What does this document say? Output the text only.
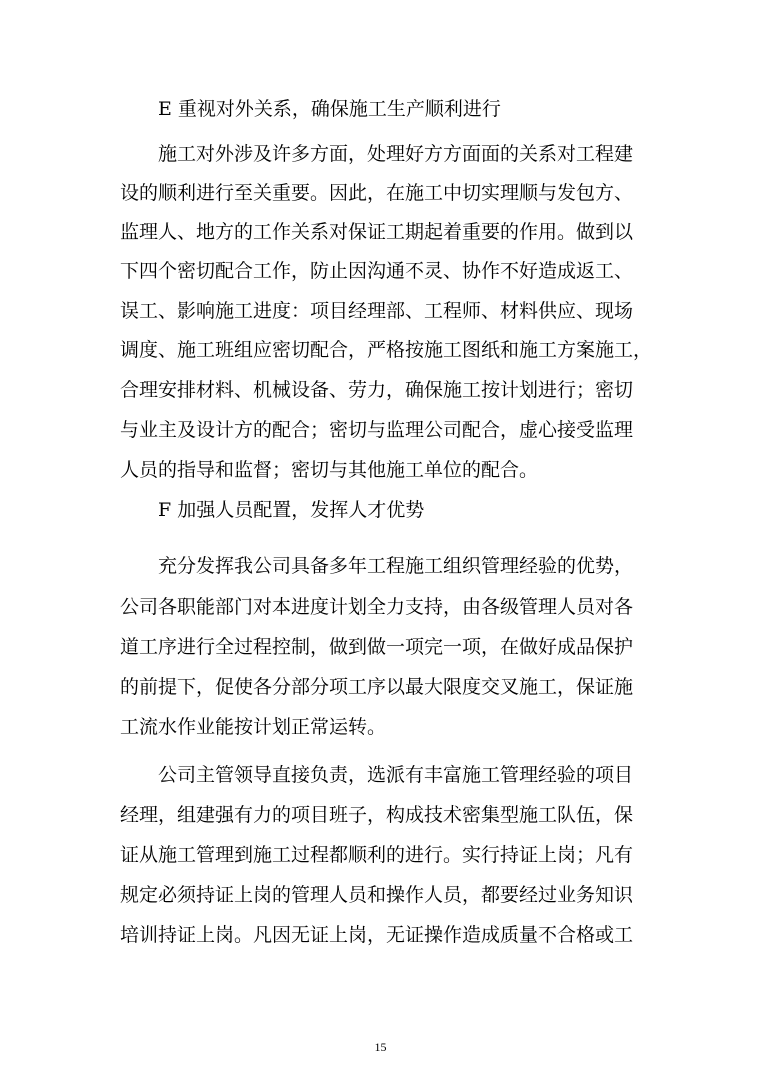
E 重视对外关系，确保施工生产顺利进行
施工对外涉及许多方面，处理好方方面面的关系对工程建
设的顺利进行至关重要。因此，在施工中切实理顺与发包方、
监理人、地方的工作关系对保证工期起着重要的作用。做到以
下四个密切配合工作，防止因沟通不灵、协作不好造成返工、
误工、影响施工进度：项目经理部、工程师、材料供应、现场
调度、施工班组应密切配合，严格按施工图纸和施工方案施工，
合理安排材料、机械设备、劳力，确保施工按计划进行；密切
与业主及设计方的配合；密切与监理公司配合，虚心接受监理
人员的指导和监督；密切与其他施工单位的配合。
F 加强人员配置，发挥人才优势
充分发挥我公司具备多年工程施工组织管理经验的优势，
公司各职能部门对本进度计划全力支持，由各级管理人员对各
道工序进行全过程控制，做到做一项完一项，在做好成品保护
的前提下，促使各分部分项工序以最大限度交叉施工，保证施
工流水作业能按计划正常运转。
公司主管领导直接负责，选派有丰富施工管理经验的项目
经理，组建强有力的项目班子，构成技术密集型施工队伍，保
证从施工管理到施工过程都顺利的进行。实行持证上岗；凡有
规定必须持证上岗的管理人员和操作人员，都要经过业务知识
培训持证上岗。凡因无证上岗，无证操作造成质量不合格或工
15
